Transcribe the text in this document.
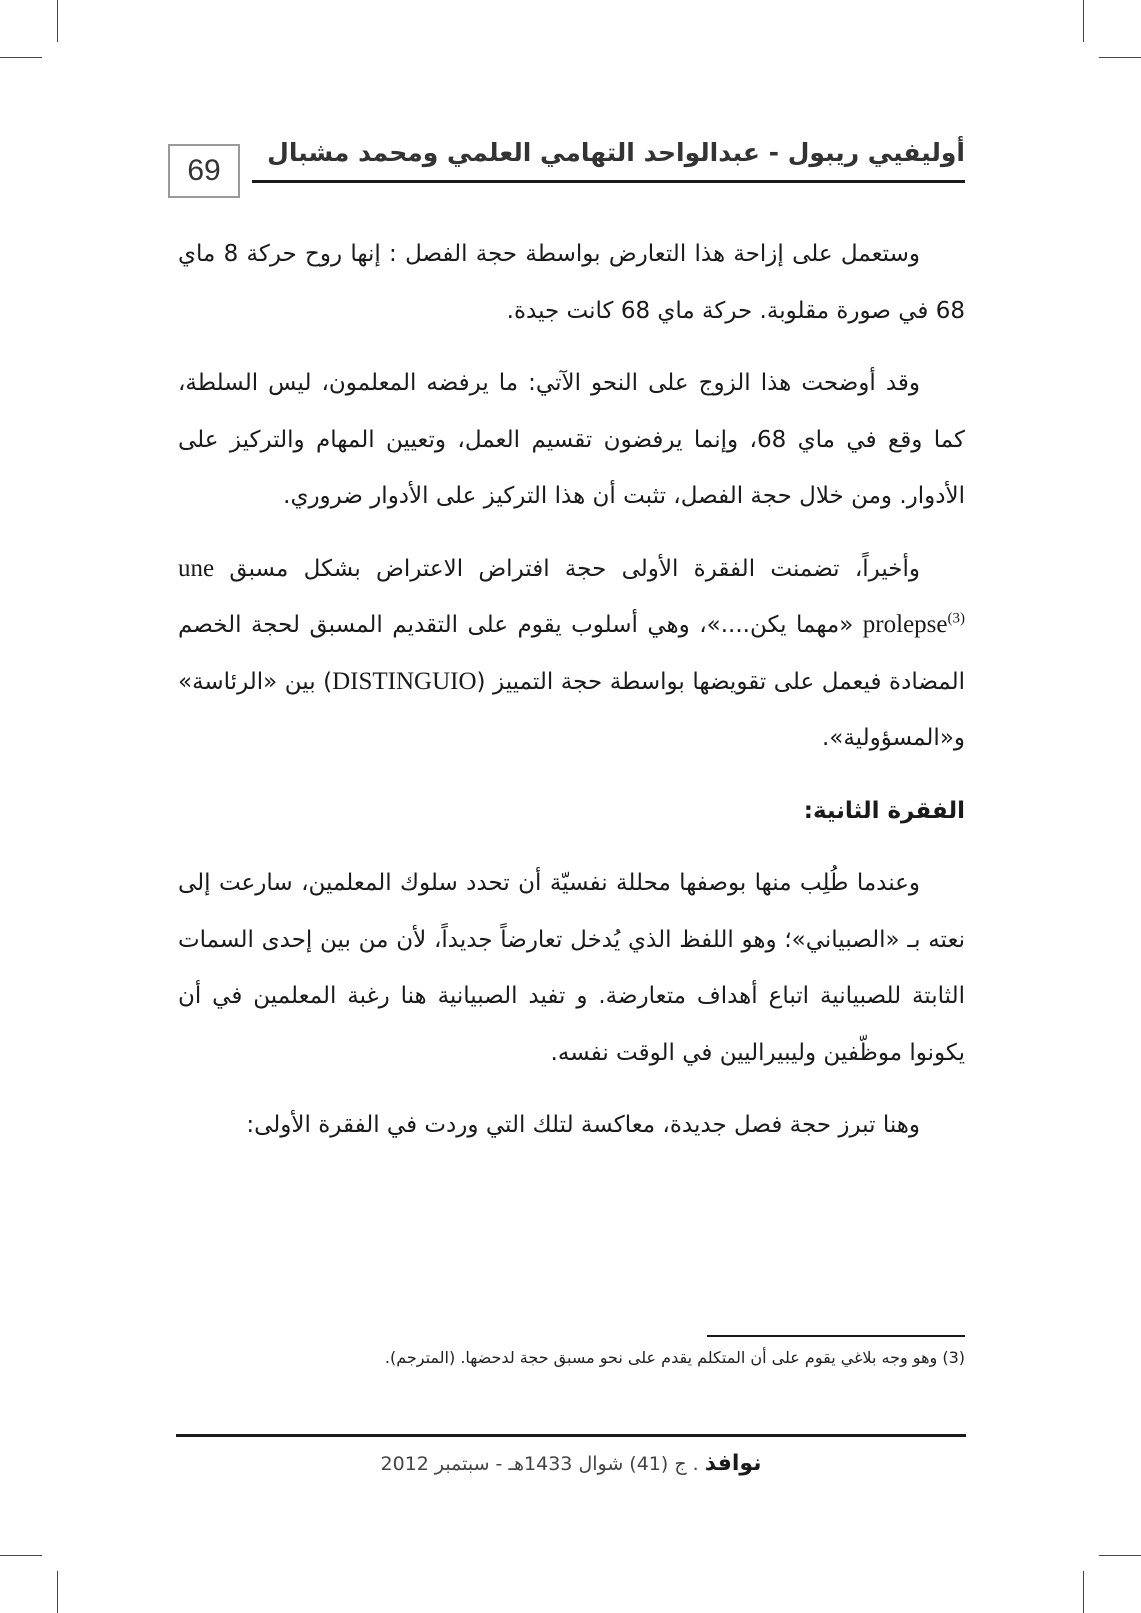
69
أوليفيي ريبول - عبدالواحد التهامي العلمي ومحمد مشبال

وستعمل على إزاحة هذا التعارض بواسطة حجة الفصل : إنها روح حركة 8 ماي 68 في صورة مقلوبة. حركة ماي 68 كانت جيدة.

وقد أوضحت هذا الزوج على النحو الآتي: ما يرفضه المعلمون، ليس السلطة، كما وقع في ماي 68، وإنما يرفضون تقسيم العمل، وتعيين المهام والتركيز على الأدوار. ومن خلال حجة الفصل، تثبت أن هذا التركيز على الأدوار ضروري.

وأخيراً، تضمنت الفقرة الأولى حجة افتراض الاعتراض بشكل مسبق une prolepse$^{(3)}$ «مهما يكن....»، وهي أسلوب يقوم على التقديم المسبق لحجة الخصم المضادة فيعمل على تقويضها بواسطة حجة التمييز (DISTINGUIO) بين «الرئاسة» و«المسؤولية».

الفقرة الثانية:

وعندما طُلِب منها بوصفها محللة نفسيّة أن تحدد سلوك المعلمين، سارعت إلى نعته بـ «الصبياني»؛ وهو اللفظ الذي يُدخل تعارضاً جديداً، لأن من بين إحدى السمات الثابتة للصبيانية اتباع أهداف متعارضة. و تفيد الصبيانية هنا رغبة المعلمين في أن يكونوا موظّفين وليبيراليين في الوقت نفسه.

وهنا تبرز حجة فصل جديدة، معاكسة لتلك التي وردت في الفقرة الأولى:

(3) وهو وجه بلاغي يقوم على أن المتكلم يقدم على نحو مسبق حجة لدحضها. (المترجم).
نوافذ . ج (41) شوال 1433هـ - سبتمبر 2012
